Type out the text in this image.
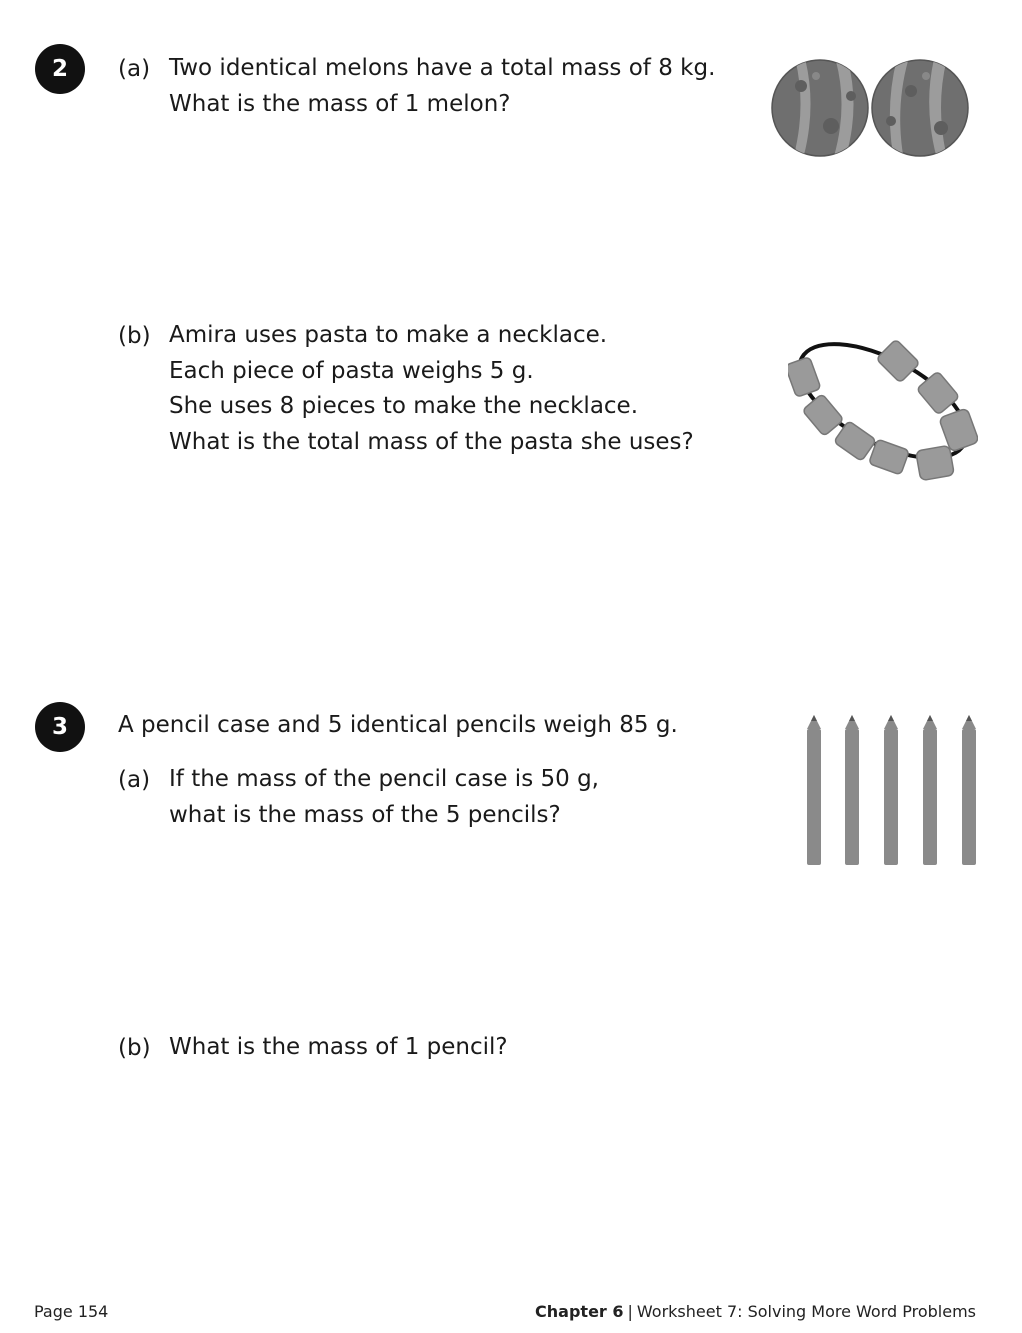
2	(a) Two identical melons have a total mass of 8 kg.
What is the mass of 1 melon?
(b) Amira uses pasta to make a necklace.
Each piece of pasta weighs 5 g.
She uses 8 pieces to make the necklace.
What is the total mass of the pasta she uses?
3	A pencil case and 5 identical pencils weigh 85 g.
(a) If the mass of the pencil case is 50 g,
what is the mass of the 5 pencils?
(b) What is the mass of 1 pencil?
Page 154	Chapter 6 | Worksheet 7: Solving More Word Problems
